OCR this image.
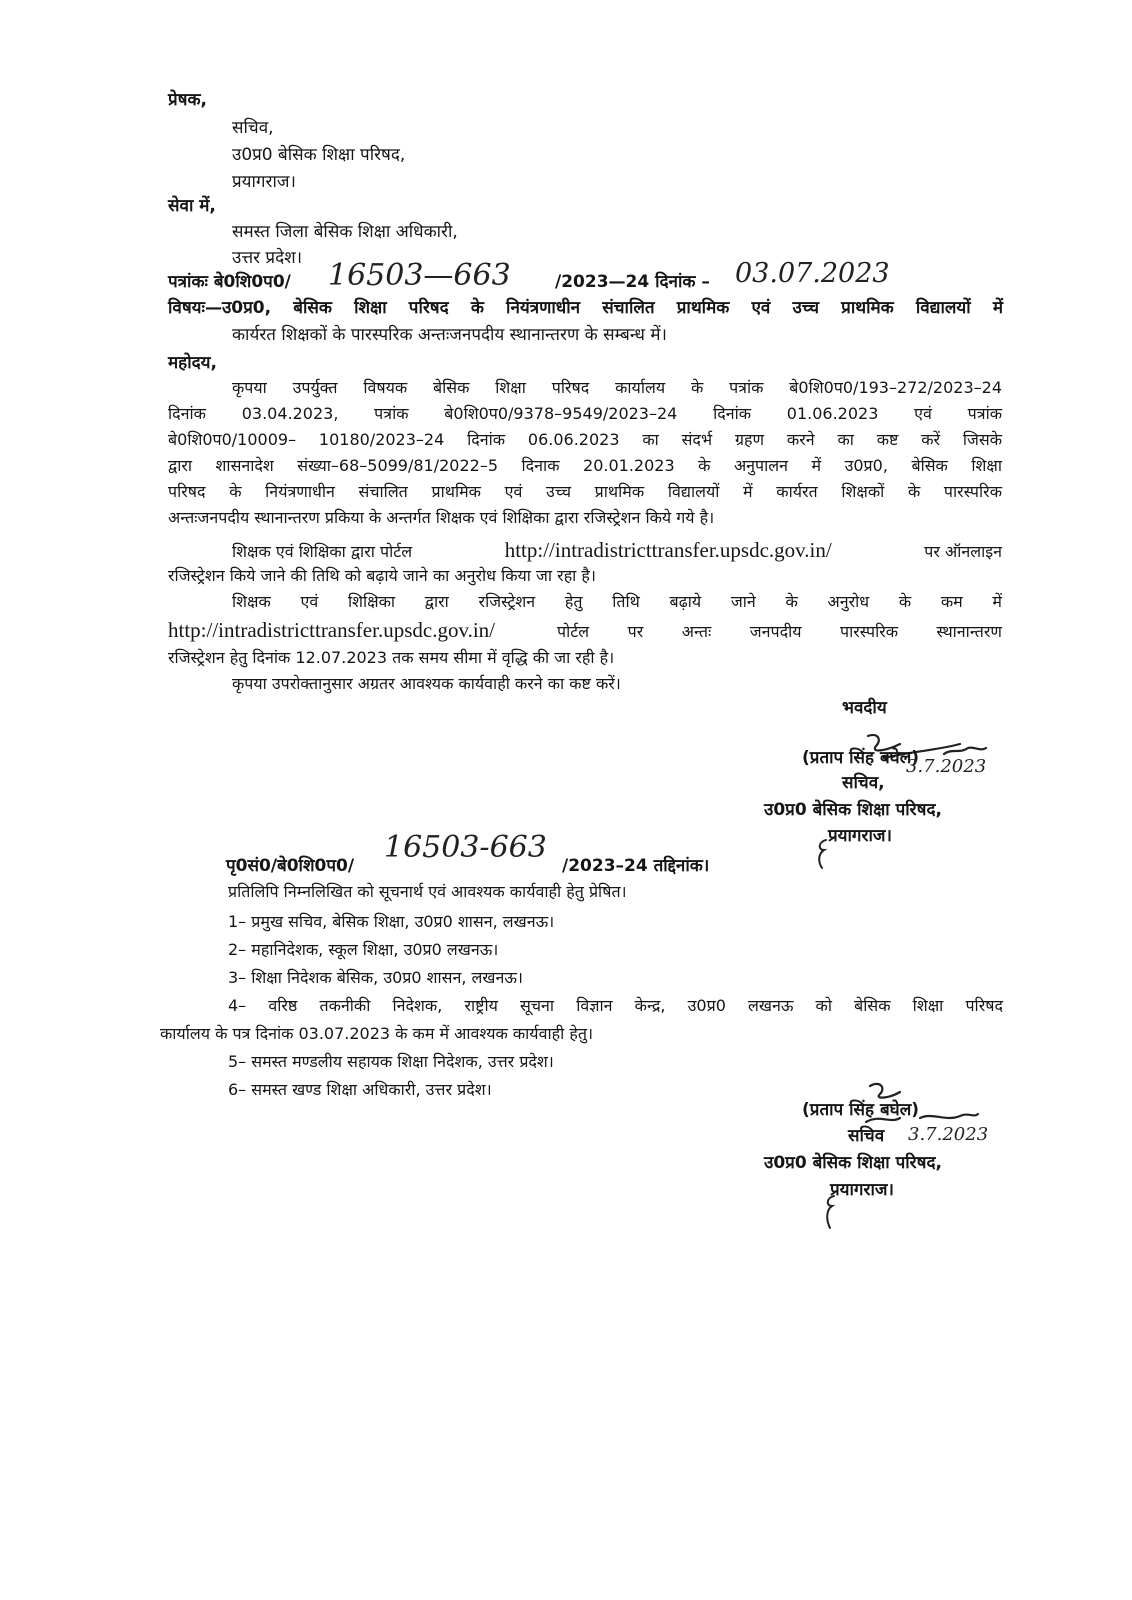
प्रेषक,
सचिव,
उ0प्र0 बेसिक शिक्षा परिषद,
प्रयागराज।
सेवा में,
समस्त जिला बेसिक शिक्षा अधिकारी,
उत्तर प्रदेश।
पत्रांकः बे0शि0प0/ 16503—663	/2023—24 दिनांक – 03.07.2023
विषयः—उ0प्र0, बेसिक शिक्षा परिषद के नियंत्रणाधीन संचालित प्राथमिक एवं उच्च प्राथमिक विद्यालयों में
कार्यरत शिक्षकों के पारस्परिक अन्तःजनपदीय स्थानान्तरण के सम्बन्ध में।
महोदय,
कृपया उपर्युक्त विषयक बेसिक शिक्षा परिषद कार्यालय के पत्रांक बे0शि0प0/193–272/2023–24
दिनांक 03.04.2023, पत्रांक बे0शि0प0/9378–9549/2023–24 दिनांक 01.06.2023 एवं पत्रांक
बे0शि0प0/10009– 10180/2023–24 दिनांक 06.06.2023 का संदर्भ ग्रहण करने का कष्ट करें जिसके
द्वारा शासनादेश संख्या–68–5099/81/2022–5 दिनाक 20.01.2023 के अनुपालन में उ0प्र0, बेसिक शिक्षा
परिषद के नियंत्रणाधीन संचालित प्राथमिक एवं उच्च प्राथमिक विद्यालयों में कार्यरत शिक्षकों के पारस्परिक
अन्तःजनपदीय स्थानान्तरण प्रकिया के अन्तर्गत शिक्षक एवं शिक्षिका द्वारा रजिस्ट्रेशन किये गये है।
शिक्षक एवं शिक्षिका द्वारा पोर्टल	http://intradistricttransfer.upsdc.gov.in/	पर ऑनलाइन
रजिस्ट्रेशन किये जाने की तिथि को बढ़ाये जाने का अनुरोध किया जा रहा है।
शिक्षक एवं शिक्षिका द्वारा रजिस्ट्रेशन हेतु तिथि बढ़ाये जाने के अनुरोध के कम में
http://intradistricttransfer.upsdc.gov.in/	पोर्टल पर अन्तः जनपदीय पारस्परिक स्थानान्तरण
रजिस्ट्रेशन हेतु दिनांक 12.07.2023 तक समय सीमा में वृद्धि की जा रही है।
कृपया उपरोक्तानुसार अग्रतर आवश्यक कार्यवाही करने का कष्ट करें।
भवदीय
(प्रताप सिंह बघेल)
3.7.2023
सचिव,
उ0प्र0 बेसिक शिक्षा परिषद,
प्रयागराज।
पृ0सं0/बे0शि0प0/
16503-663
/2023–24 तद्दिनांक।
प्रतिलिपि निम्नलिखित को सूचनार्थ एवं आवश्यक कार्यवाही हेतु प्रेषित।
1– प्रमुख सचिव, बेसिक शिक्षा, उ0प्र0 शासन, लखनऊ।
2– महानिदेशक, स्कूल शिक्षा, उ0प्र0 लखनऊ।
3– शिक्षा निदेशक बेसिक, उ0प्र0 शासन, लखनऊ।
4– वरिष्ठ तकनीकी निदेशक, राष्ट्रीय सूचना विज्ञान केन्द्र, उ0प्र0 लखनऊ को बेसिक शिक्षा परिषद
कार्यालय के पत्र दिनांक 03.07.2023 के कम में आवश्यक कार्यवाही हेतु।
5– समस्त मण्डलीय सहायक शिक्षा निदेशक, उत्तर प्रदेश।
6– समस्त खण्ड शिक्षा अधिकारी, उत्तर प्रदेश।
(प्रताप सिंह बघेल)
सचिव 3.7.2023
उ0प्र0 बेसिक शिक्षा परिषद,
प्रयागराज।
